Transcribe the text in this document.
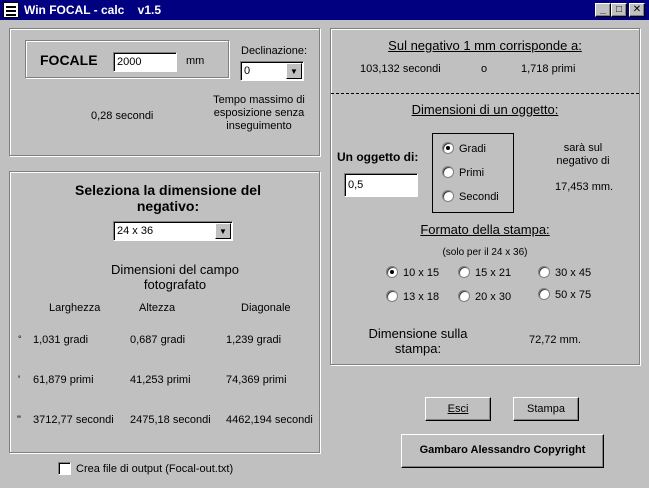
Win FOCAL - calc    v1.5	_	□	✕
FOCALE	2000	mm
Declinazione:
0	▼
0,28 secondi
Tempo massimo di esposizione senza inseguimento
Seleziona la dimensione del negativo:
24 x 36	▼
Dimensioni del campo fotografato
Larghezza	Altezza	Diagonale
° 1,031 gradi	0,687 gradi	1,239 gradi
' 61,879 primi	41,253 primi	74,369 primi
" 3712,77 secondi 2475,18 secondi 4462,194 secondi
Crea file di output (Focal-out.txt)
Sul negativo 1 mm corrisponde a:
103,132 secondi	o	1,718 primi
Dimensioni di un oggetto:
Un oggetto di:
0,5
Gradi
Primi
Secondi
sarà sul negativo di
17,453 mm.
Formato della stampa:
(solo per il 24 x 36)
10 x 15	15 x 21	30 x 45
13 x 18	20 x 30	50 x 75
Dimensione sulla stampa:
72,72 mm.
Esci	Stampa
Gambaro Alessandro Copyright
